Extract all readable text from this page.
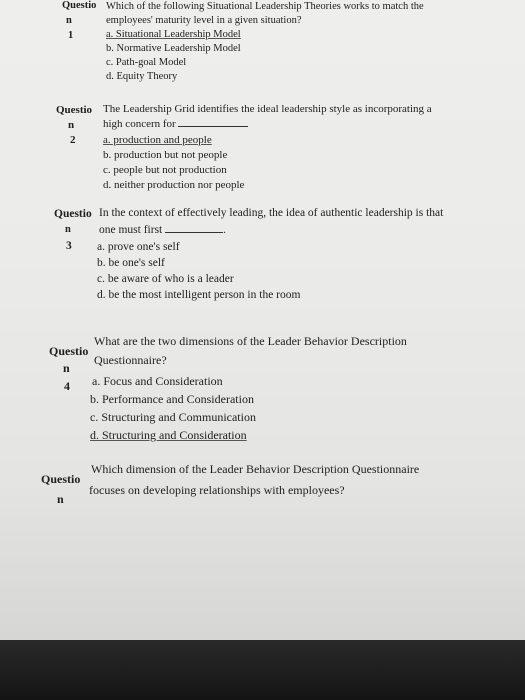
Questio
n
1
Which of the following Situational Leadership Theories works to match the
employees' maturity level in a given situation?
a. Situational Leadership Model
b. Normative Leadership Model
c. Path-goal Model
d. Equity Theory
Questio
n
2
The Leadership Grid identifies the ideal leadership style as incorporating a
high concern for
a. production and people
b. production but not people
c. people but not production
d. neither production nor people
Questio
n
3
In the context of effectively leading, the idea of authentic leadership is that
one must first	.
a. prove one's self
b. be one's self
c. be aware of who is a leader
d. be the most intelligent person in the room
Questio
n
4
What are the two dimensions of the Leader Behavior Description
Questionnaire?
a. Focus and Consideration
b. Performance and Consideration
c. Structuring and Communication
d. Structuring and Consideration
Questio
n
Which dimension of the Leader Behavior Description Questionnaire
focuses on developing relationships with employees?
